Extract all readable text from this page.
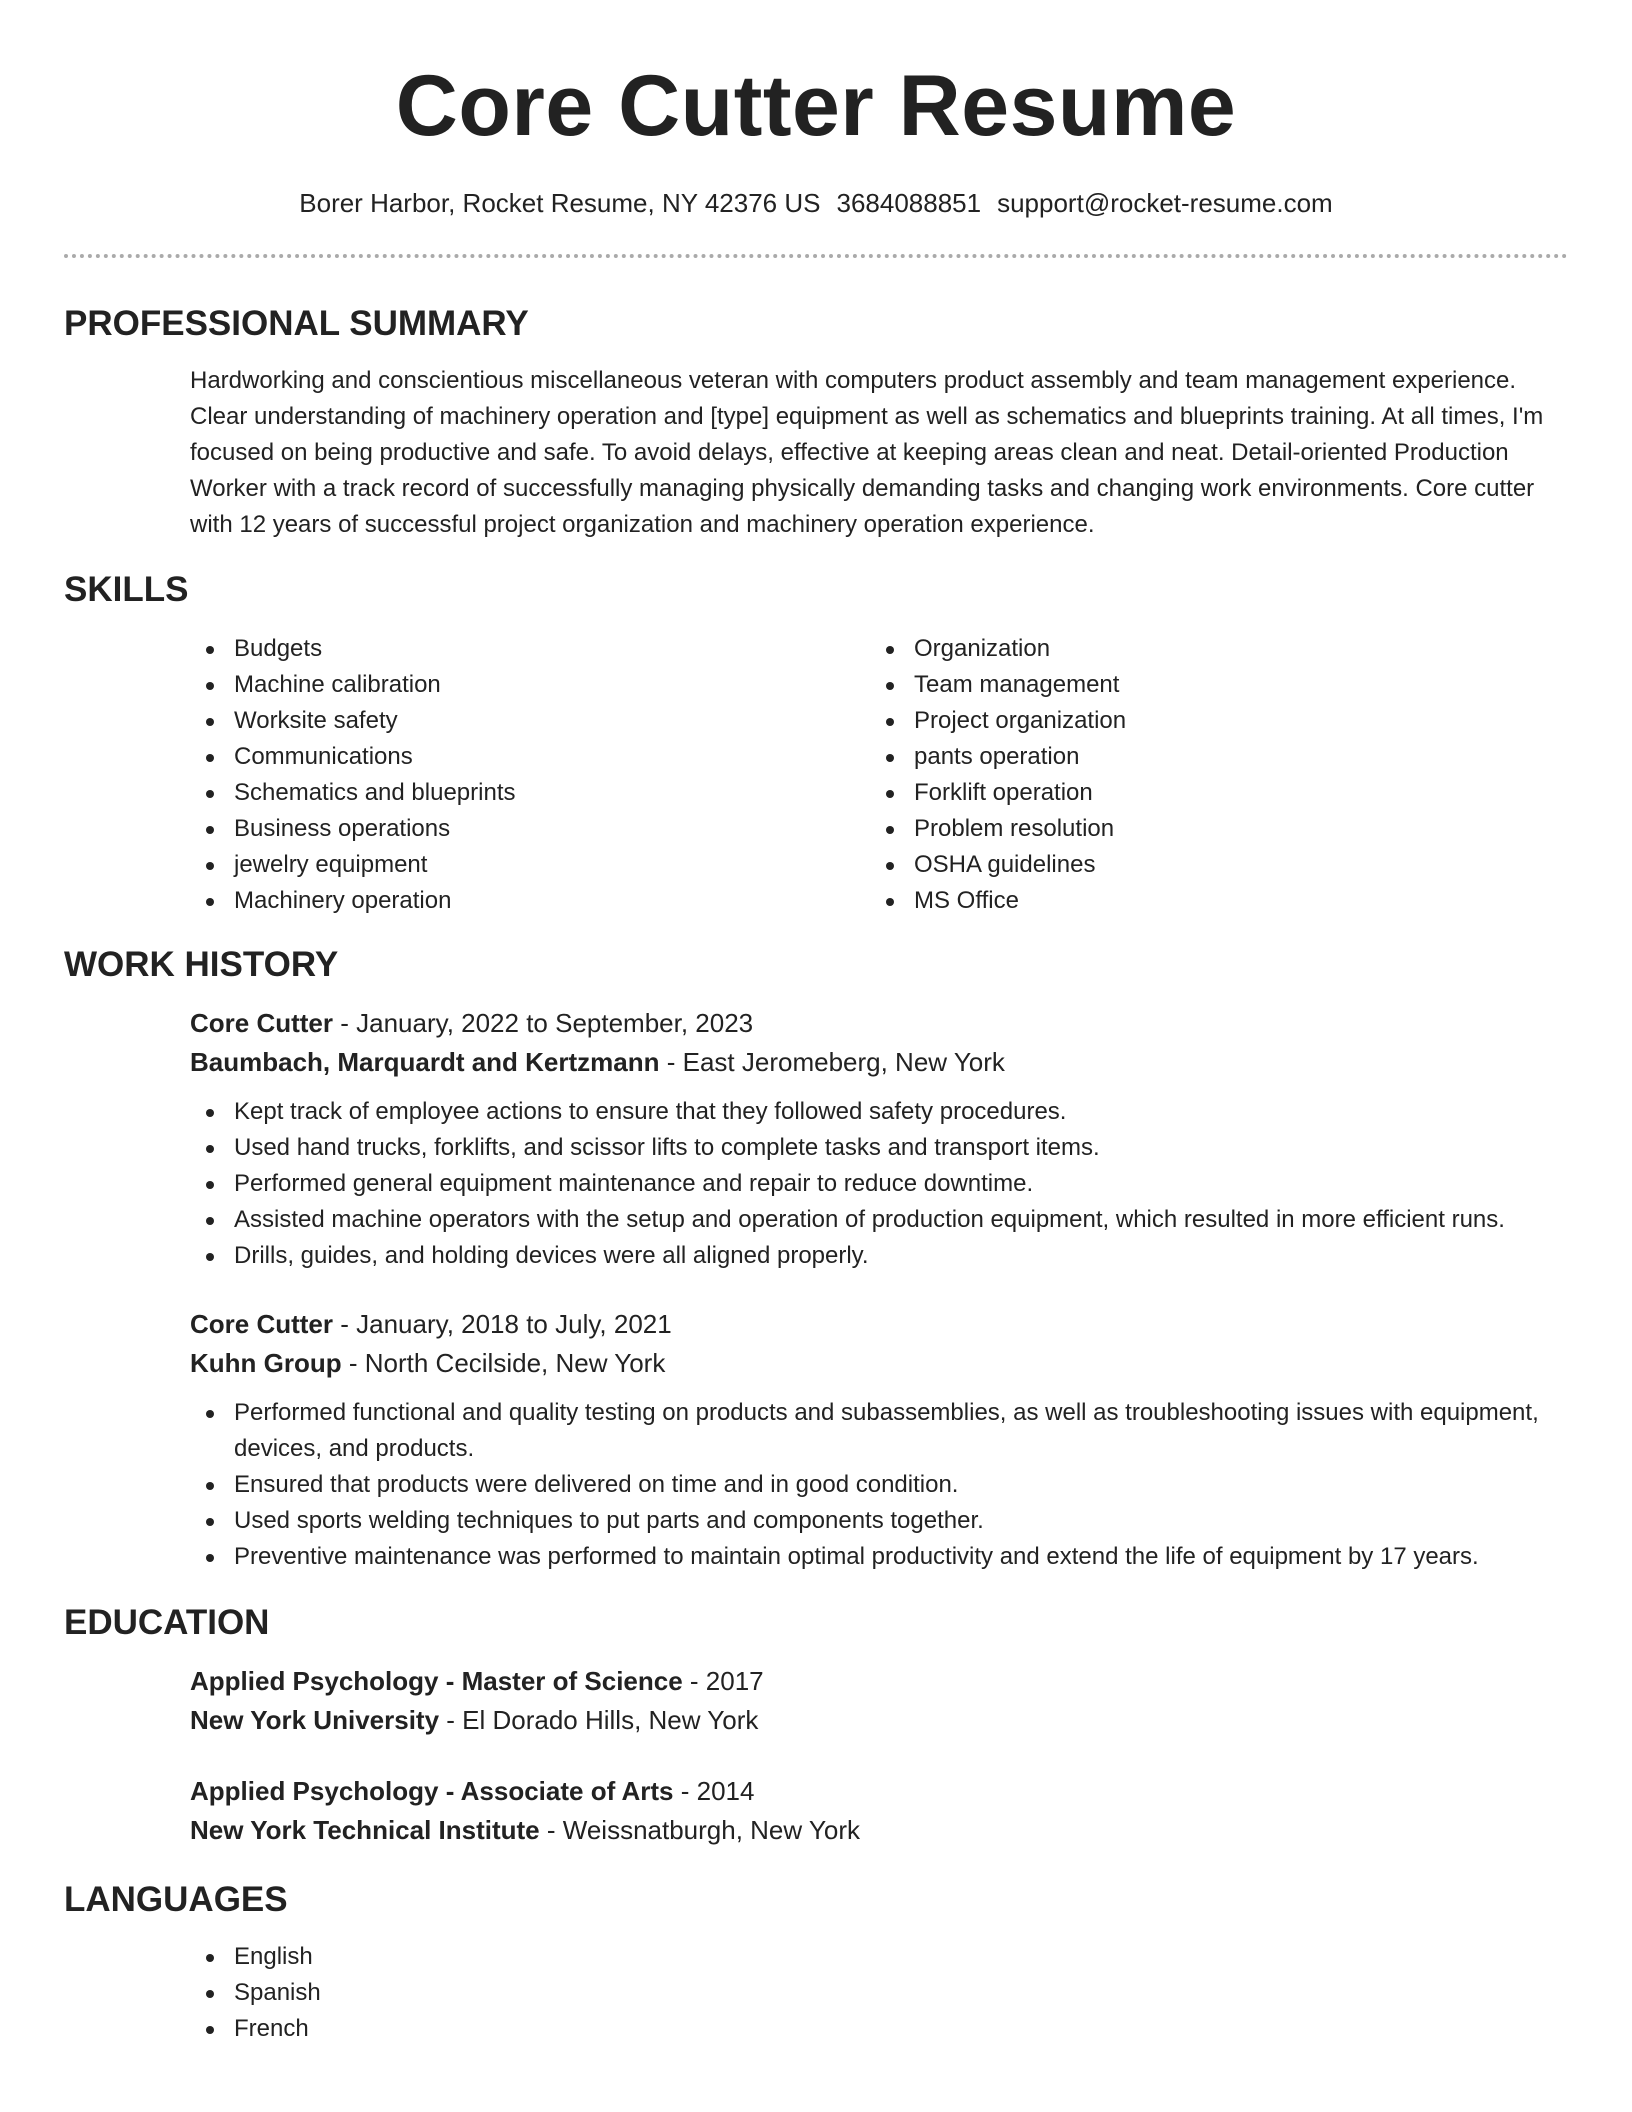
Core Cutter Resume
Borer Harbor, Rocket Resume, NY 42376 US 3684088851 support@rocket-resume.com
PROFESSIONAL SUMMARY

Hardworking and conscientious miscellaneous veteran with computers product assembly and team management experience. Clear understanding of machinery operation and [type] equipment as well as schematics and blueprints training. At all times, I'm focused on being productive and safe. To avoid delays, effective at keeping areas clean and neat. Detail-oriented Production Worker with a track record of successfully managing physically demanding tasks and changing work environments. Core cutter with 12 years of successful project organization and machinery operation experience.

SKILLS
Budgets
Machine calibration
Worksite safety
Communications
Schematics and blueprints
Business operations
jewelry equipment
Machinery operation
Organization
Team management
Project organization
pants operation
Forklift operation
Problem resolution
OSHA guidelines
MS Office
WORK HISTORY
Core Cutter - January, 2022 to September, 2023
Baumbach, Marquardt and Kertzmann - East Jeromeberg, New York
Kept track of employee actions to ensure that they followed safety procedures.
Used hand trucks, forklifts, and scissor lifts to complete tasks and transport items.
Performed general equipment maintenance and repair to reduce downtime.
Assisted machine operators with the setup and operation of production equipment, which resulted in more efficient runs.
Drills, guides, and holding devices were all aligned properly.
Core Cutter - January, 2018 to July, 2021
Kuhn Group - North Cecilside, New York
Performed functional and quality testing on products and subassemblies, as well as troubleshooting issues with equipment, devices, and products.
Ensured that products were delivered on time and in good condition.
Used sports welding techniques to put parts and components together.
Preventive maintenance was performed to maintain optimal productivity and extend the life of equipment by 17 years.
EDUCATION
Applied Psychology - Master of Science - 2017
New York University - El Dorado Hills, New York
Applied Psychology - Associate of Arts - 2014
New York Technical Institute - Weissnatburgh, New York
LANGUAGES
English
Spanish
French
